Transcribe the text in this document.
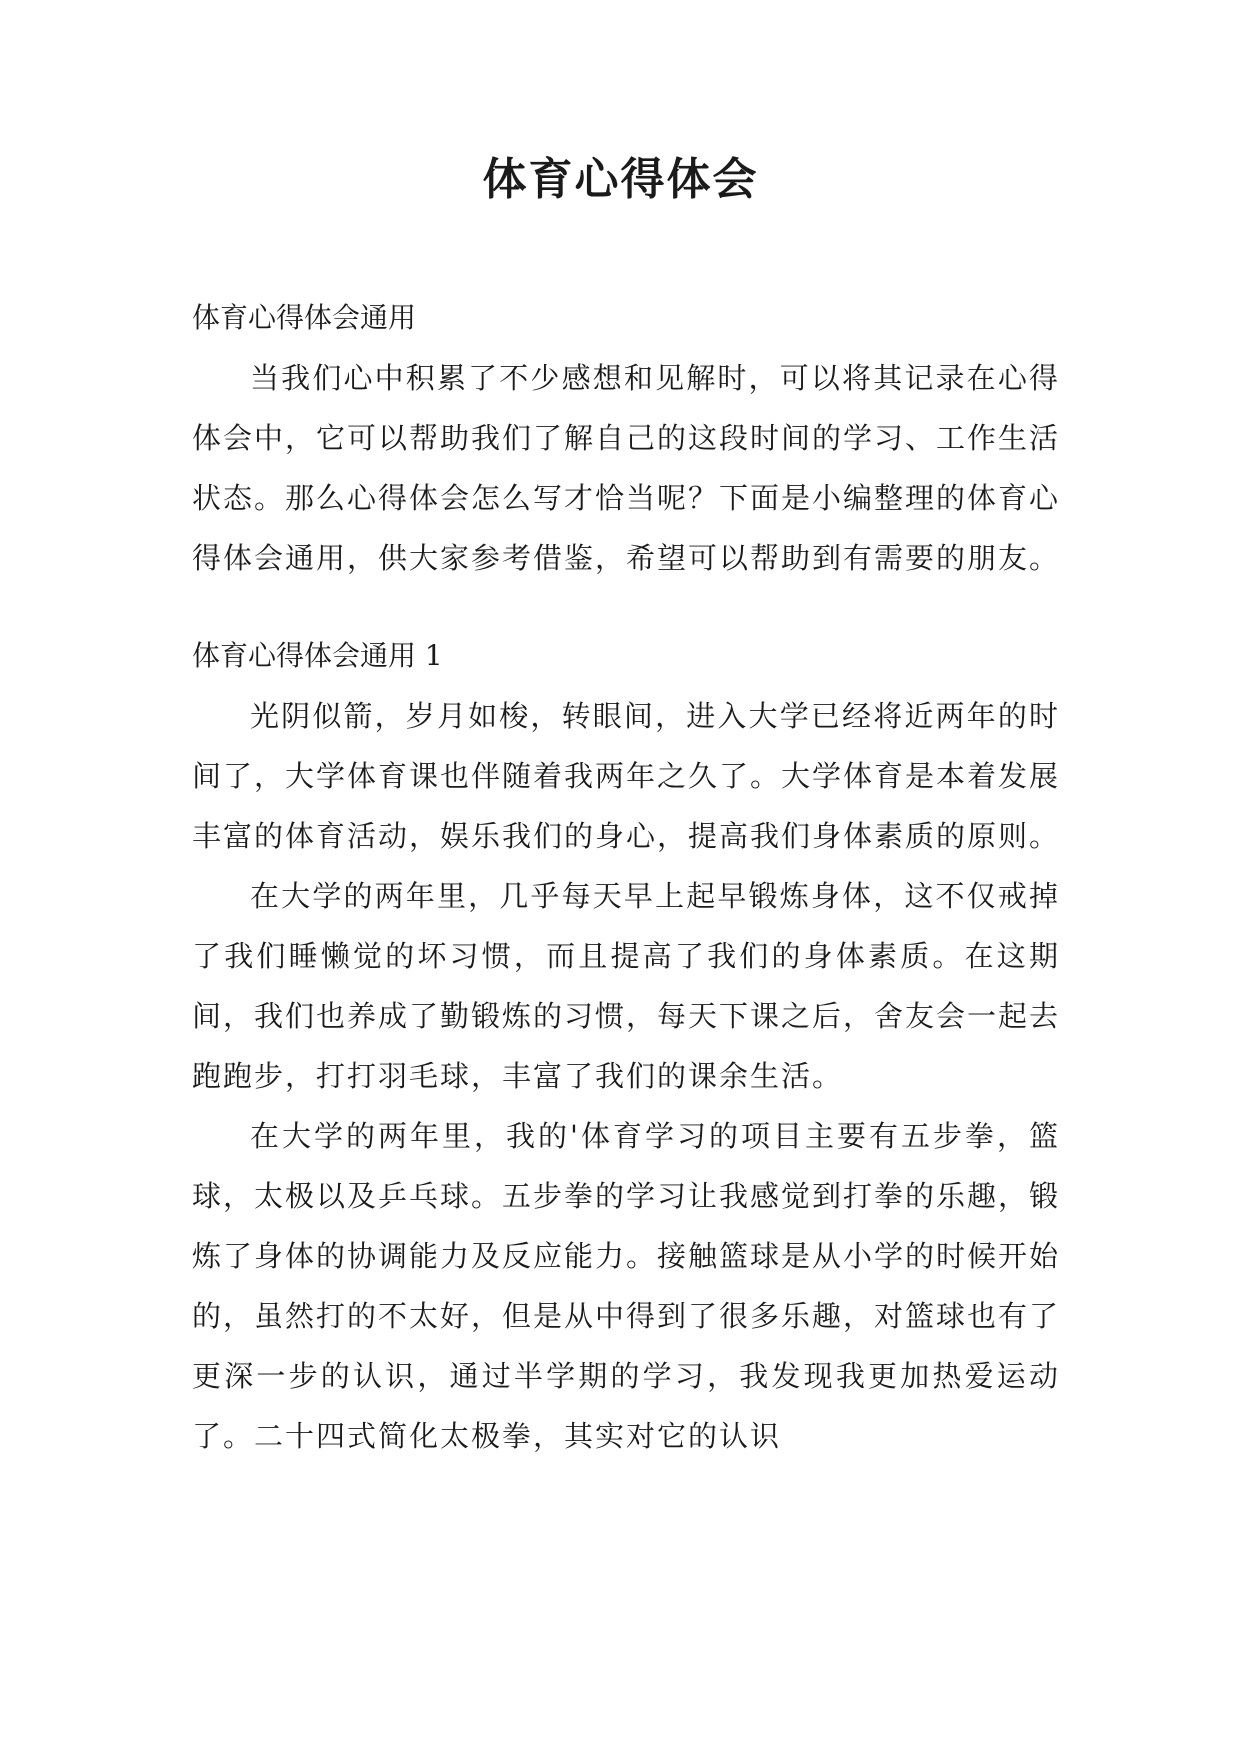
体育心得体会

体育心得体会通用

当我们心中积累了不少感想和见解时，可以将其记录在心得体会中，它可以帮助我们了解自己的这段时间的学习、工作生活状态。那么心得体会怎么写才恰当呢？下面是小编整理的体育心得体会通用，供大家参考借鉴，希望可以帮助到有需要的朋友。

体育心得体会通用 1

光阴似箭，岁月如梭，转眼间，进入大学已经将近两年的时间了，大学体育课也伴随着我两年之久了。大学体育是本着发展丰富的体育活动，娱乐我们的身心，提高我们身体素质的原则。

在大学的两年里，几乎每天早上起早锻炼身体，这不仅戒掉了我们睡懒觉的坏习惯，而且提高了我们的身体素质。在这期间，我们也养成了勤锻炼的习惯，每天下课之后，舍友会一起去跑跑步，打打羽毛球，丰富了我们的课余生活。

在大学的两年里，我的'体育学习的项目主要有五步拳，篮球，太极以及乒乓球。五步拳的学习让我感觉到打拳的乐趣，锻炼了身体的协调能力及反应能力。接触篮球是从小学的时候开始的，虽然打的不太好，但是从中得到了很多乐趣，对篮球也有了更深一步的认识，通过半学期的学习，我发现我更加热爱运动了。二十四式简化太极拳，其实对它的认识
